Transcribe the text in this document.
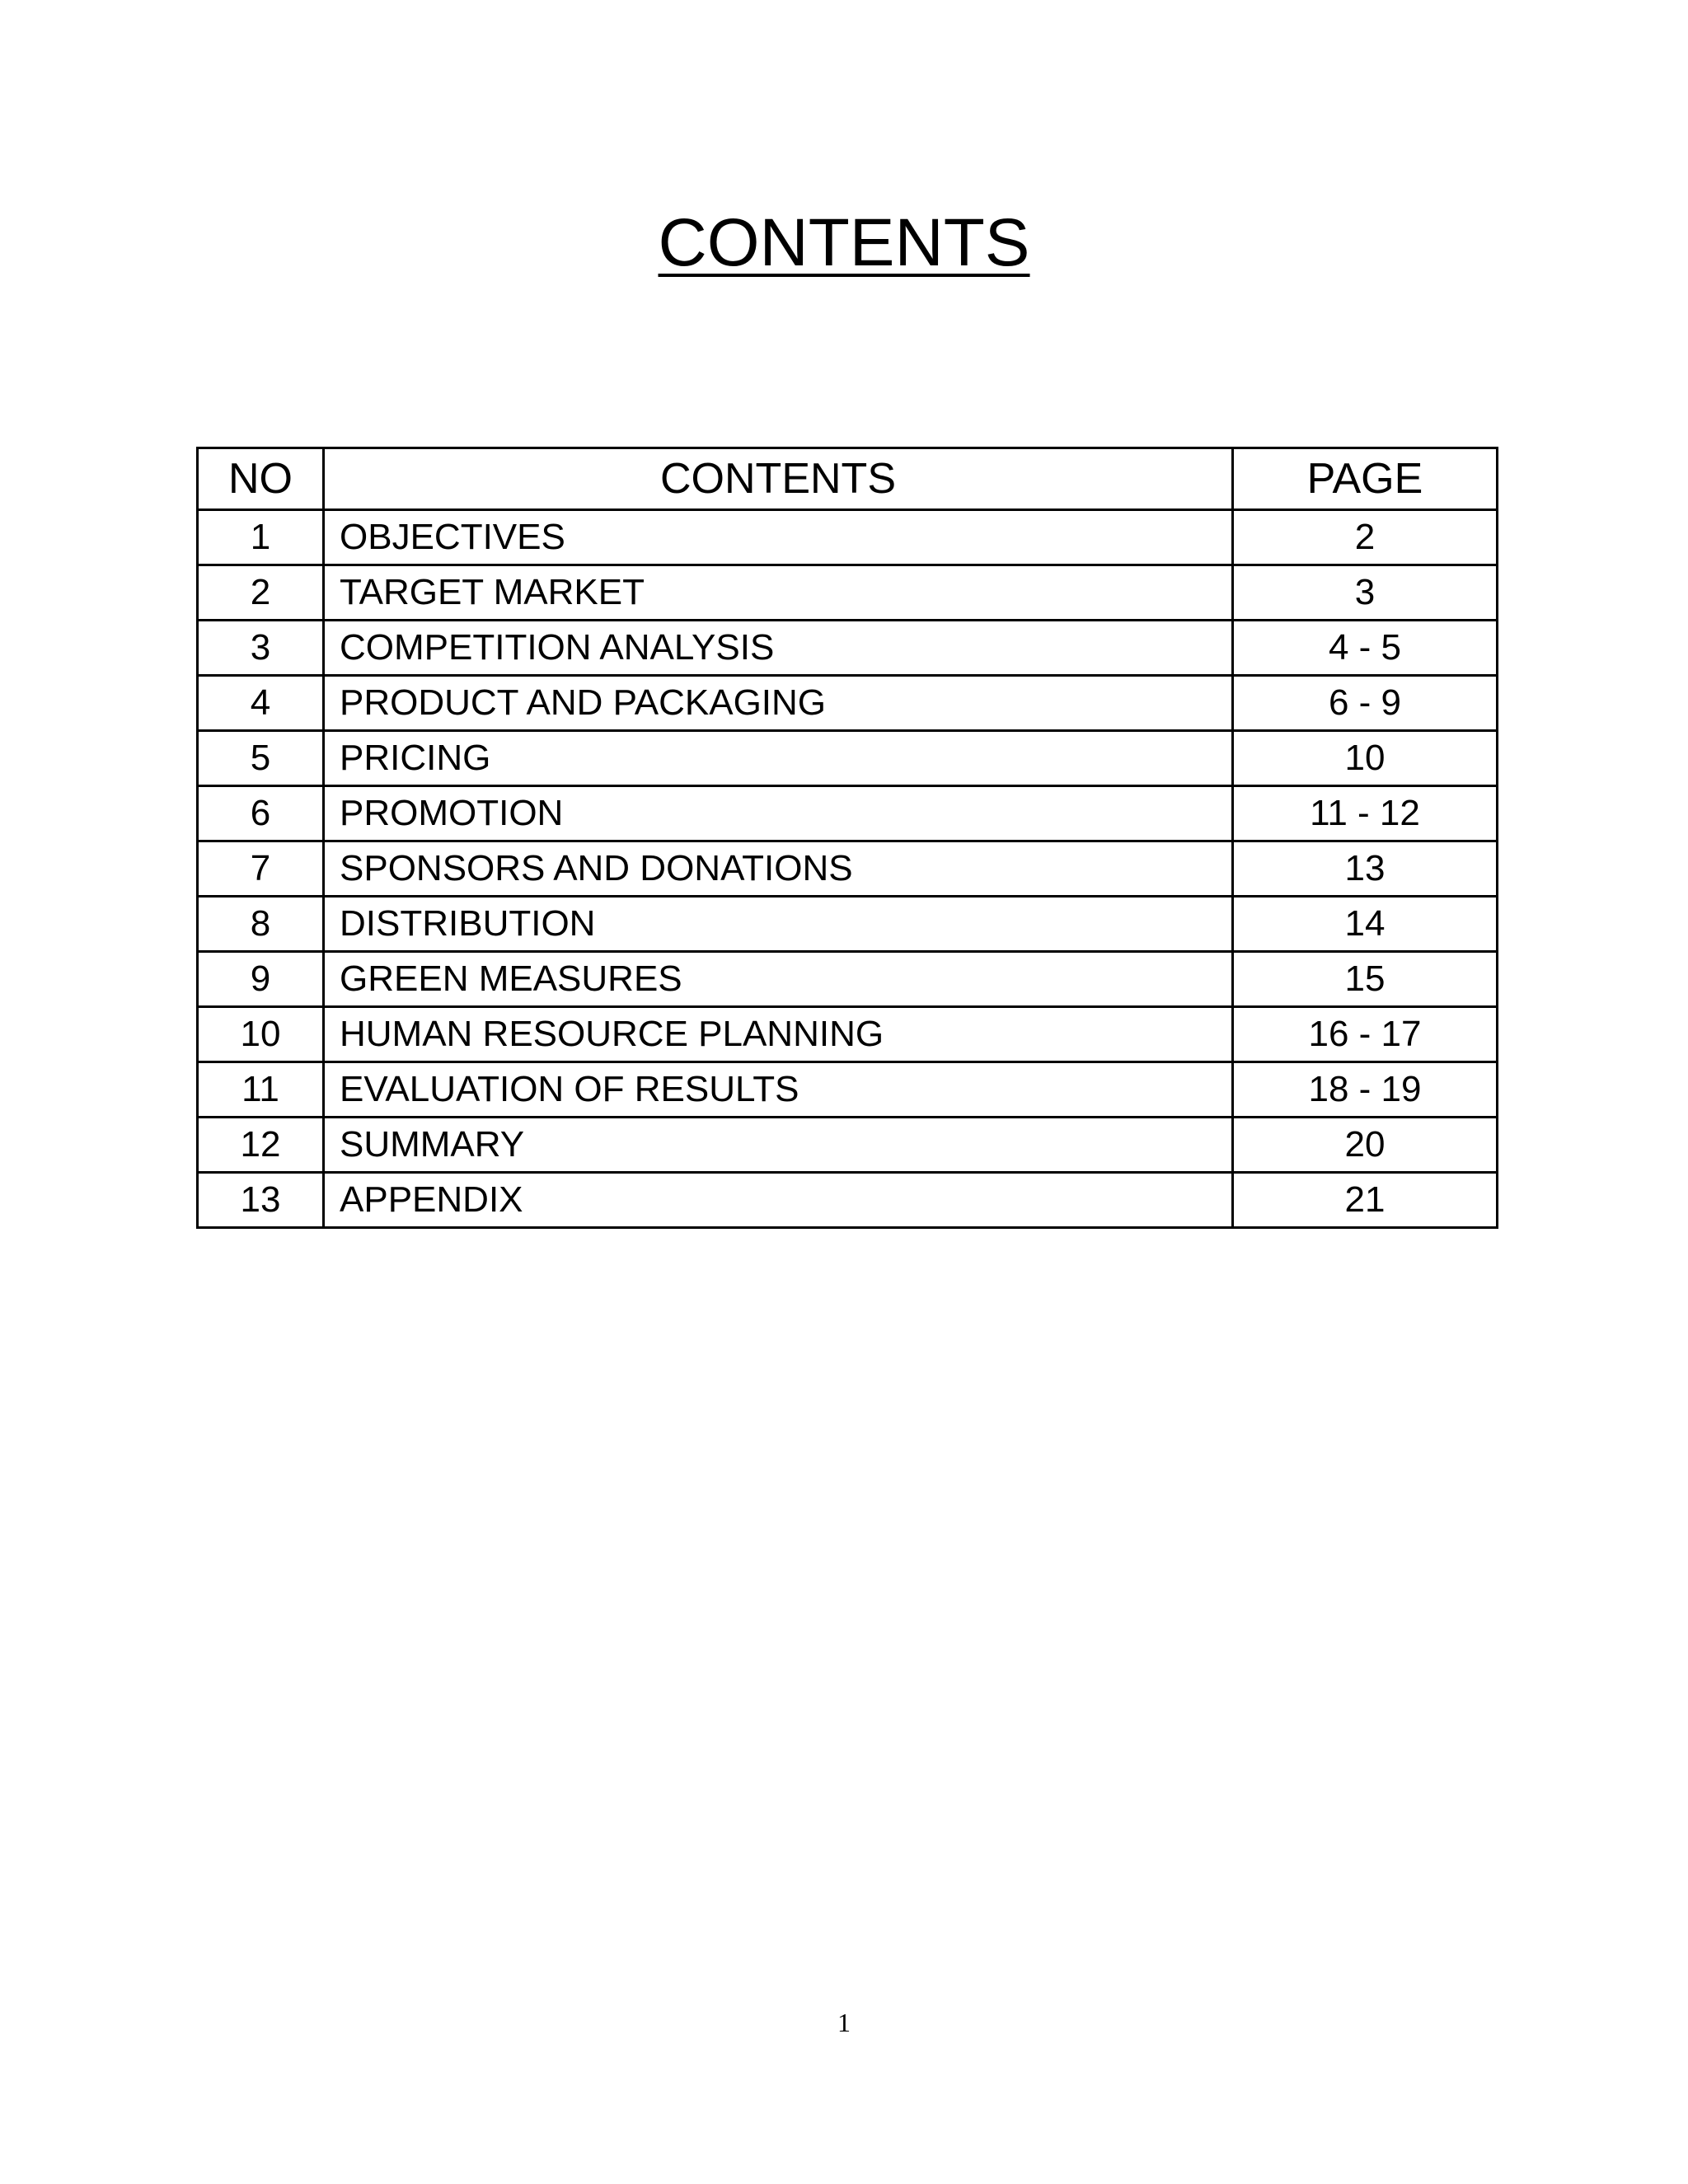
CONTENTS
NO	CONTENTS	PAGE
1	OBJECTIVES	2
2	TARGET MARKET	3
3	COMPETITION ANALYSIS	4 - 5
4	PRODUCT AND PACKAGING	6 - 9
5	PRICING	10
6	PROMOTION	11 - 12
7	SPONSORS AND DONATIONS	13
8	DISTRIBUTION	14
9	GREEN MEASURES	15
10	HUMAN RESOURCE PLANNING	16 - 17
11	EVALUATION OF RESULTS	18 - 19
12	SUMMARY	20
13	APPENDIX	21
1
